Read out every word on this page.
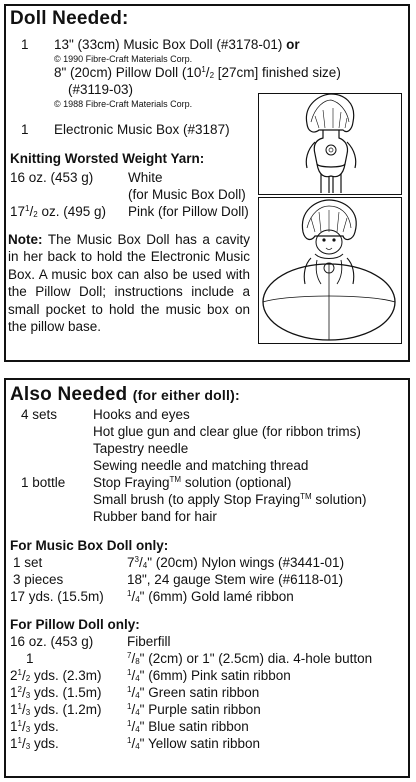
Doll Needed:
1 13" (33cm) Music Box Doll (#3178-01) or
© 1990 Fibre-Craft Materials Corp.
8" (20cm) Pillow Doll ($10^1/_2$ [27cm] finished size)
(#3119-03)
© 1988 Fibre-Craft Materials Corp.
1 Electronic Music Box (#3187)
Knitting Worsted Weight Yarn:
16 oz. (453 g)	White
(for Music Box Doll)
$17^1/_2$ oz. (495 g) Pink (for Pillow Doll)
Note: The Music Box Doll has a cavity in her back to hold the Electronic Music Box. A music box can also be used with the Pillow Doll; instructions include a small pocket to hold the music box on the pillow base.
Also Needed (for either doll):
4 sets	Hooks and eyes
Hot glue gun and clear glue (for ribbon trims)
Tapestry needle
Sewing needle and matching thread
1 bottle Stop Fraying™ solution (optional)
Small brush (to apply Stop Fraying™ solution)
Rubber band for hair
For Music Box Doll only:
1 set	$7^3/_4$" (20cm) Nylon wings (#3441-01)
3 pieces	18", 24 gauge Stem wire (#6118-01)
17 yds. (15.5m)	$^1/_4$" (6mm) Gold lamé ribbon
For Pillow Doll only:
16 oz. (453 g) Fiberfill
1	$^7/_8$" (2cm) or 1" (2.5cm) dia. 4-hole button
$2^1/_2$ yds. (2.3m)	$^1/_4$" (6mm) Pink satin ribbon
$1^2/_3$ yds. (1.5m)	$^1/_4$" Green satin ribbon
$1^1/_3$ yds. (1.2m)	$^1/_4$" Purple satin ribbon
$1^1/_3$ yds.	$^1/_4$" Blue satin ribbon
$1^1/_3$ yds.	$^1/_4$" Yellow satin ribbon
